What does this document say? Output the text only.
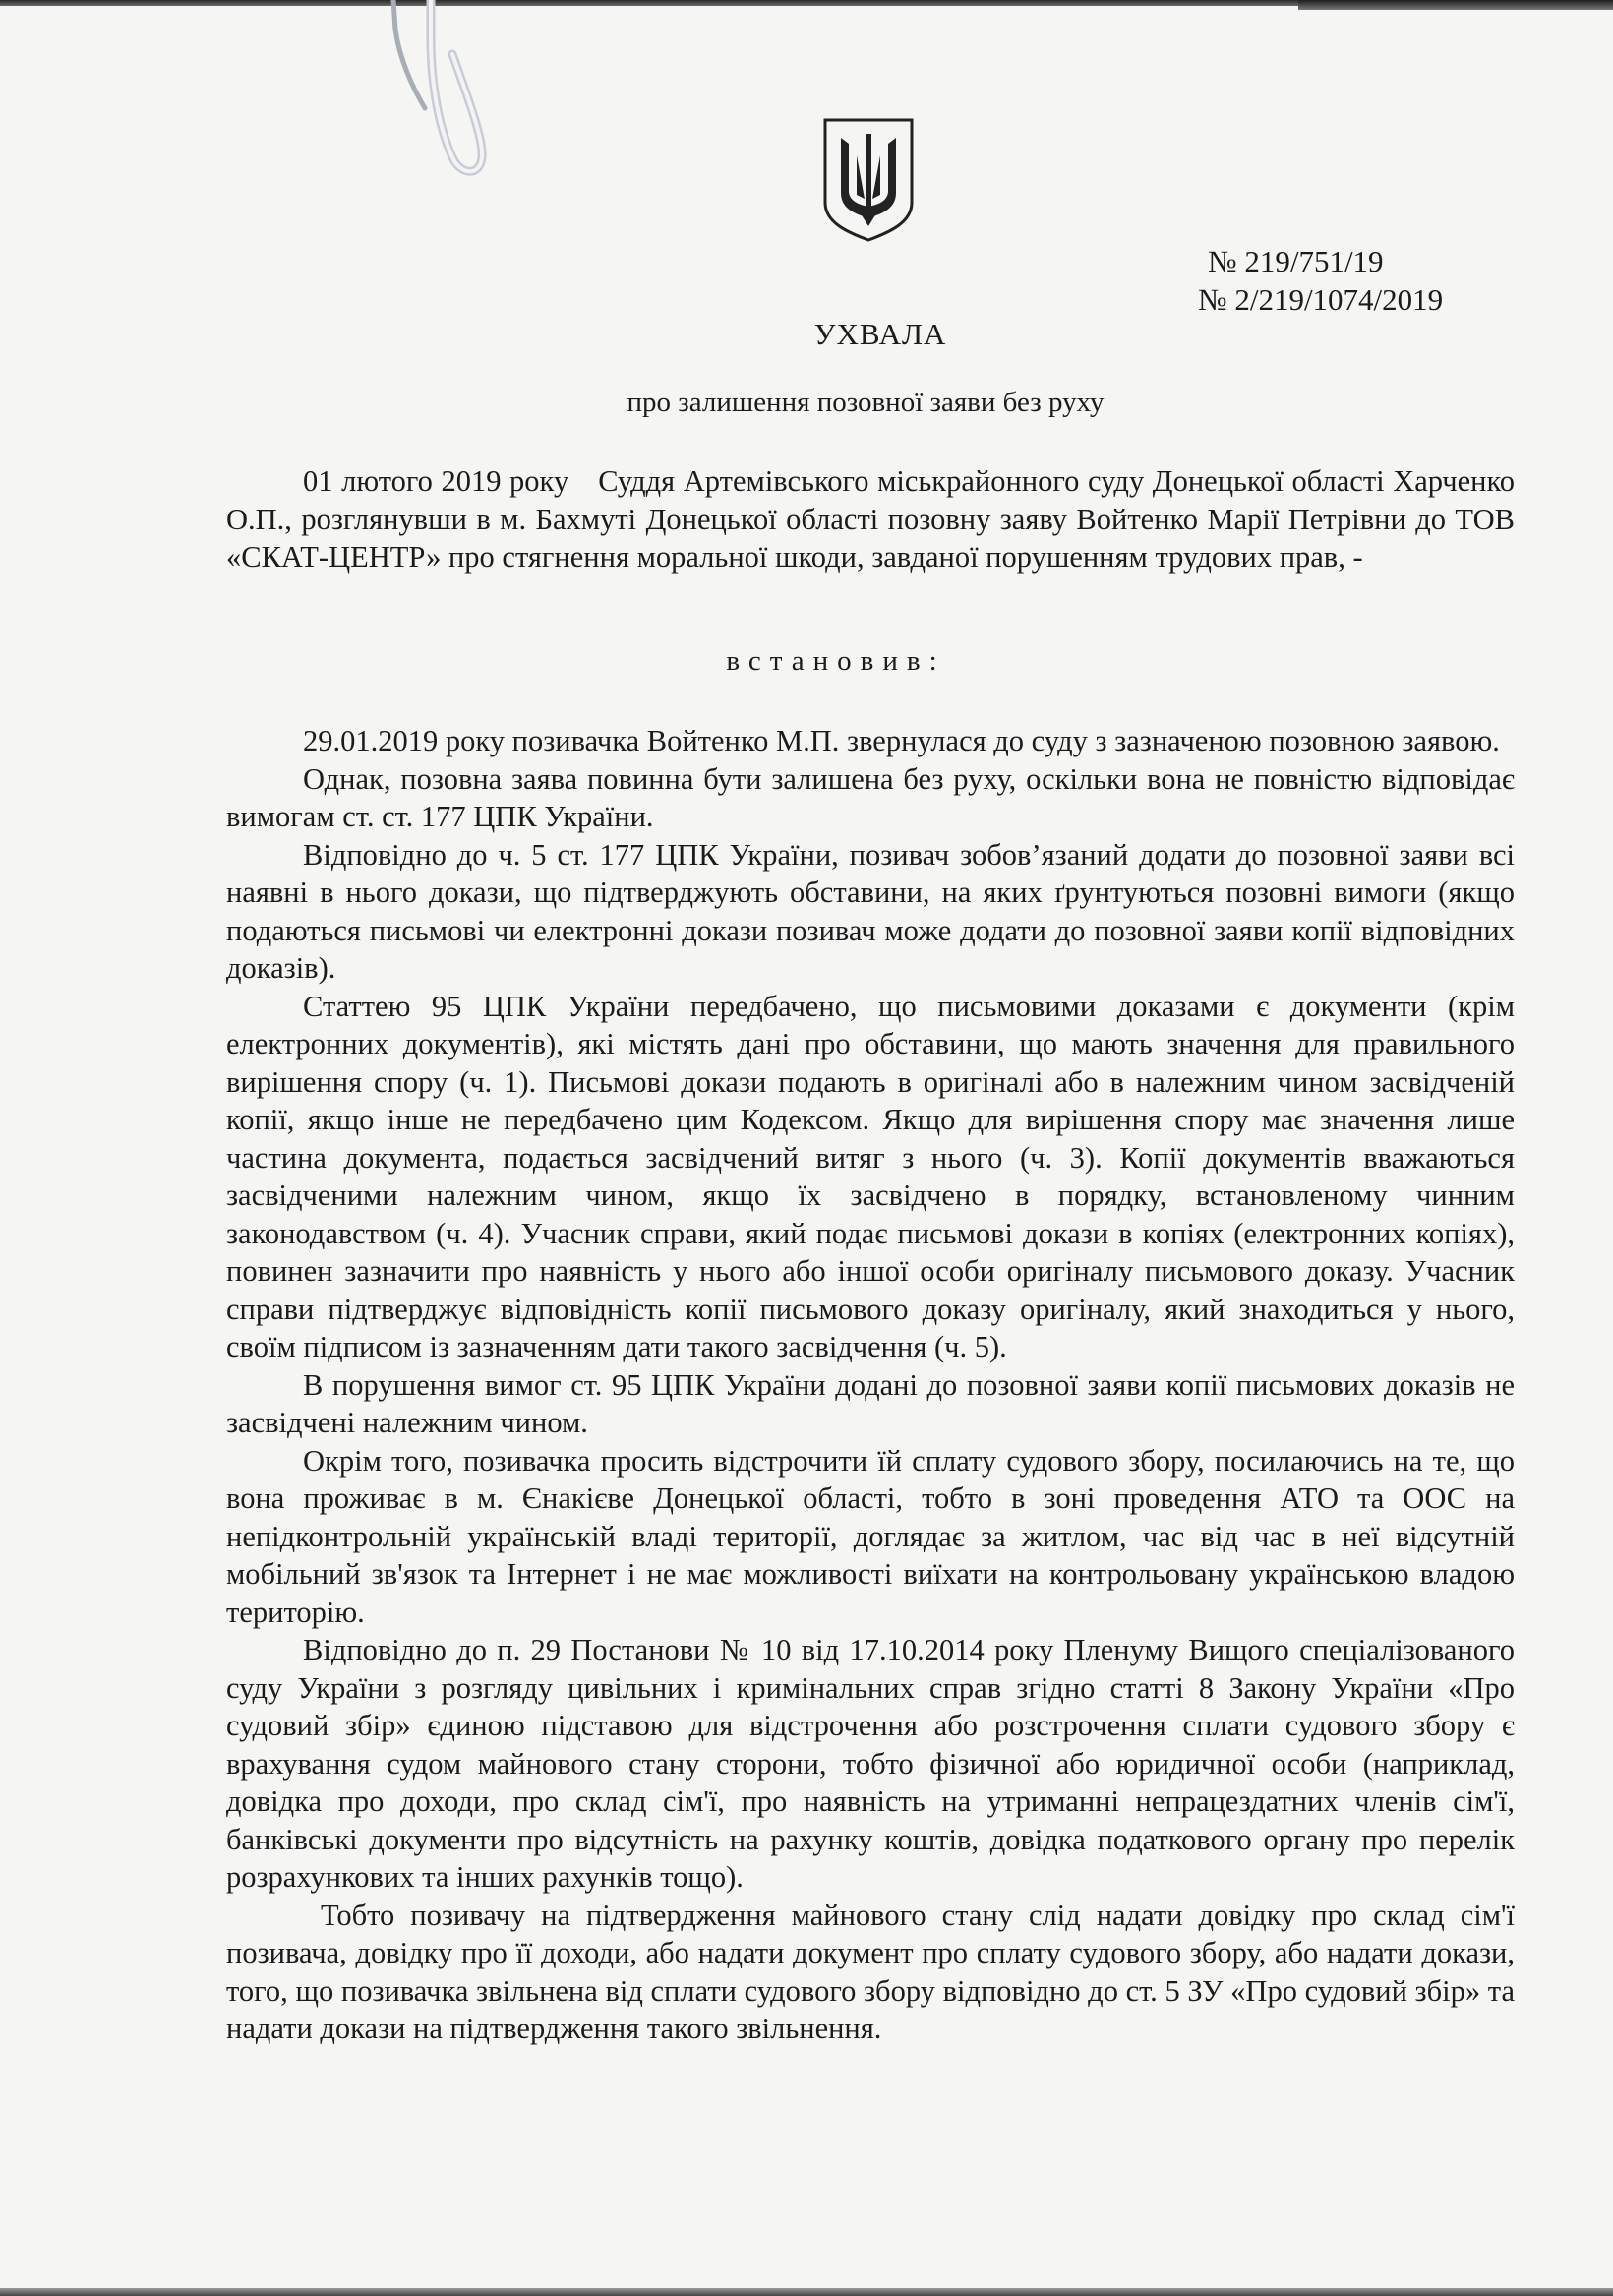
№ 219/751/19
№ 2/219/1074/2019
УХВАЛА
про залишення позовної заяви без руху

01 лютого 2019 року Суддя Артемівського міськрайонного суду Донецької області Харченко О.П., розглянувши в м. Бахмуті Донецької області позовну заяву Войтенко Марії Петрівни до ТОВ «СКАТ-ЦЕНТР» про стягнення моральної шкоди, завданої порушенням трудових прав, -

встановив:

29.01.2019 року позивачка Войтенко М.П. звернулася до суду з зазначеною позовною заявою.

Однак, позовна заява повинна бути залишена без руху, оскільки вона не повністю відповідає вимогам ст. ст. 177 ЦПК України.

Відповідно до ч. 5 ст. 177 ЦПК України, позивач зобов’язаний додати до позовної заяви всі наявні в нього докази, що підтверджують обставини, на яких ґрунтуються позовні вимоги (якщо подаються письмові чи електронні докази позивач може додати до позовної заяви копії відповідних доказів).

Статтею 95 ЦПК України передбачено, що письмовими доказами є документи (крім електронних документів), які містять дані про обставини, що мають значення для правильного вирішення спору (ч. 1). Письмові докази подають в оригіналі або в належним чином засвідченій копії, якщо інше не передбачено цим Кодексом. Якщо для вирішення спору має значення лише частина документа, подається засвідчений витяг з нього (ч. 3). Копії документів вважаються засвідченими належним чином, якщо їх засвідчено в порядку, встановленому чинним законодавством (ч. 4). Учасник справи, який подає письмові докази в копіях (електронних копіях), повинен зазначити про наявність у нього або іншої особи оригіналу письмового доказу. Учасник справи підтверджує відповідність копії письмового доказу оригіналу, який знаходиться у нього, своїм підписом із зазначенням дати такого засвідчення (ч. 5).

В порушення вимог ст. 95 ЦПК України додані до позовної заяви копії письмових доказів не засвідчені належним чином.

Окрім того, позивачка просить відстрочити їй сплату судового збору, посилаючись на те, що вона проживає в м. Єнакієве Донецької області, тобто в зоні проведення АТО та ООС на непідконтрольній українській владі території, доглядає за житлом, час від час в неї відсутній мобільний зв'язок та Інтернет і не має можливості виїхати на контрольовану українською владою територію.

Відповідно до п. 29 Постанови № 10 від 17.10.2014 року Пленуму Вищого спеціалізованого суду України з розгляду цивільних і кримінальних справ згідно статті 8 Закону України «Про судовий збір» єдиною підставою для відстрочення або розстрочення сплати судового збору є врахування судом майнового стану сторони, тобто фізичної або юридичної особи (наприклад, довідка про доходи, про склад сім'ї, про наявність на утриманні непрацездатних членів сім'ї, банківські документи про відсутність на рахунку коштів, довідка податкового органу про перелік розрахункових та інших рахунків тощо).

Тобто позивачу на підтвердження майнового стану слід надати довідку про склад сім'ї позивача, довідку про її доходи, або надати документ про сплату судового збору, або надати докази, того, що позивачка звільнена від сплати судового збору відповідно до ст. 5 ЗУ «Про судовий збір» та надати докази на підтвердження такого звільнення.
